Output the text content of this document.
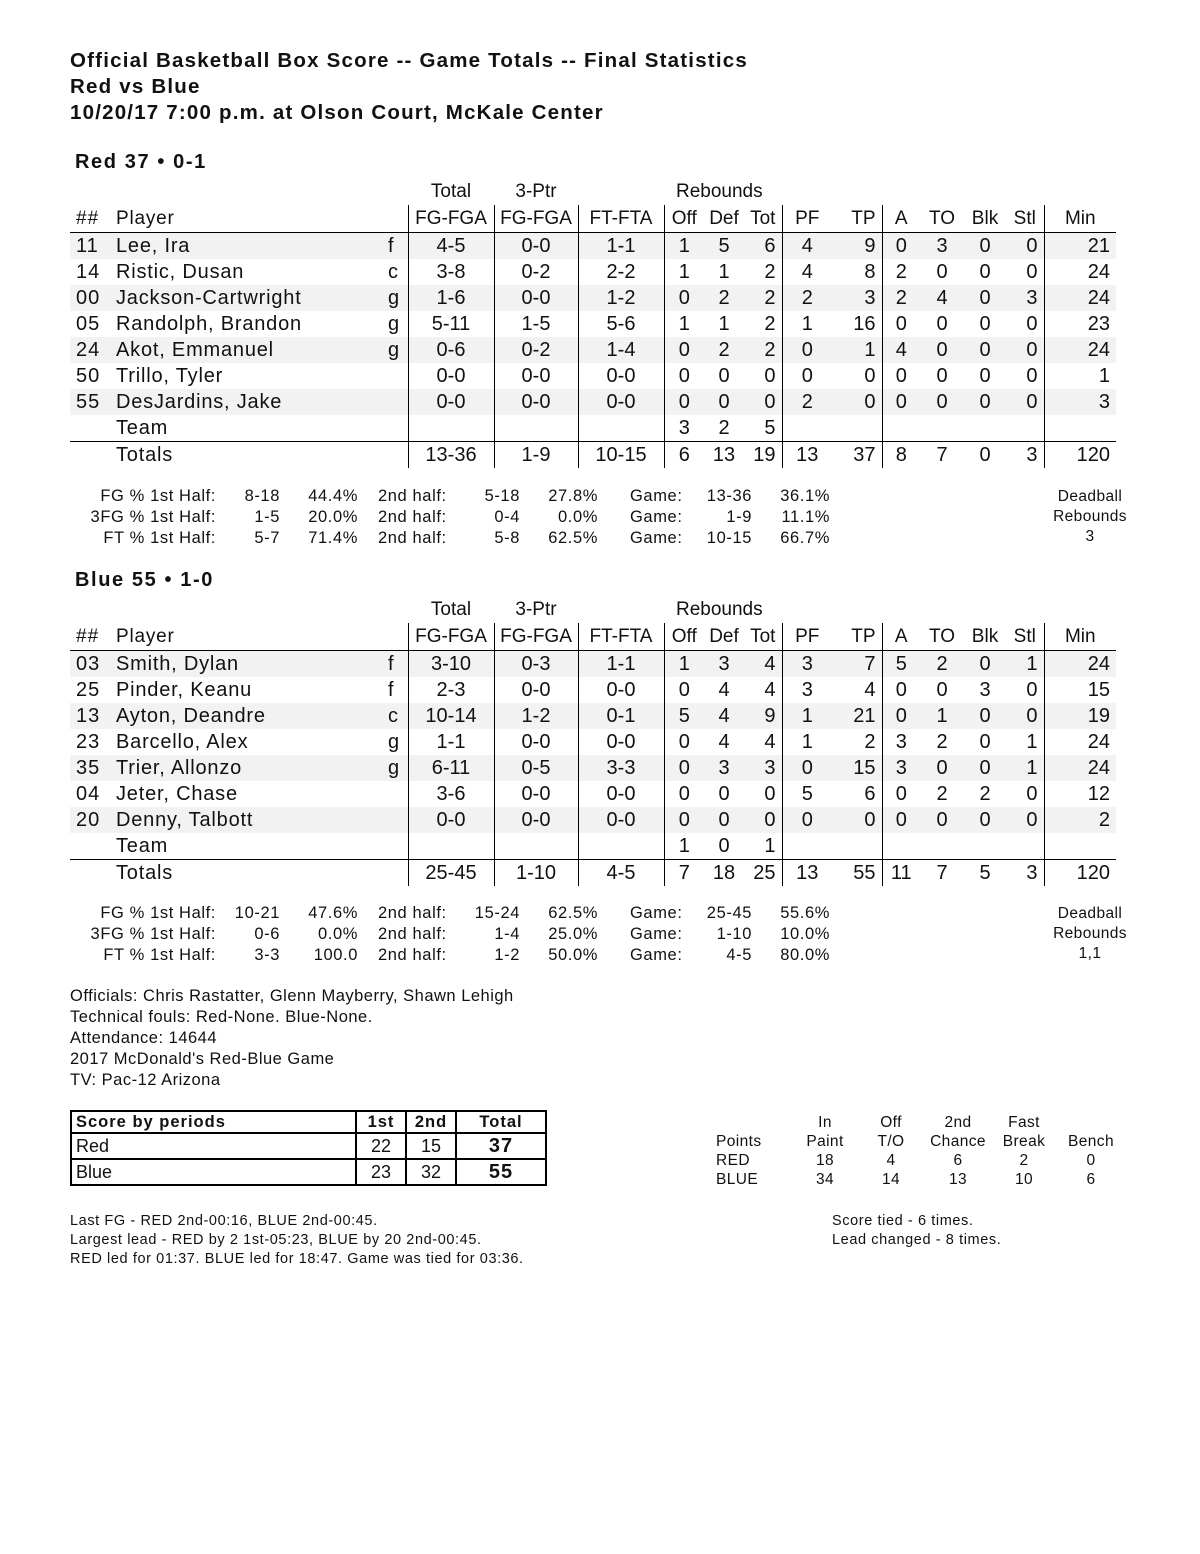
Official Basketball Box Score -- Game Totals -- Final Statistics
Red vs Blue
10/20/17 7:00 p.m. at Olson Court, McKale Center
Red 37 • 0-1
			Total	3-Ptr		Rebounds									
##	Player		FG-FGA	FG-FGA	FT-FTA	Off	Def	Tot	PF	TP	A	TO	Blk	Stl	Min
11	Lee, Ira	f	4-5	0-0	1-1	1	5	6	4	9	0	3	0	0	21
14	Ristic, Dusan	c	3-8	0-2	2-2	1	1	2	4	8	2	0	0	0	24
00	Jackson-Cartwright	g	1-6	0-0	1-2	0	2	2	2	3	2	4	0	3	24
05	Randolph, Brandon	g	5-11	1-5	5-6	1	1	2	1	16	0	0	0	0	23
24	Akot, Emmanuel	g	0-6	0-2	1-4	0	2	2	0	1	4	0	0	0	24
50	Trillo, Tyler		0-0	0-0	0-0	0	0	0	0	0	0	0	0	0	1
55	DesJardins, Jake		0-0	0-0	0-0	0	0	0	2	0	0	0	0	0	3
	Team					3	2	5							
	Totals		13-36	1-9	10-15	6	13	19	13	37	8	7	0	3	120
FG % 1st Half:	8-18	44.4% 2nd half:	5-18	27.8% Game:	13-36	36.1%
3FG % 1st Half:	1-5	20.0% 2nd half:	0-4	0.0% Game:	1-9	11.1%
FT % 1st Half:	5-7	71.4% 2nd half:	5-8	62.5% Game:	10-15	66.7%
Deadball
Rebounds
3
Blue 55 • 1-0
			Total	3-Ptr		Rebounds									
##	Player		FG-FGA	FG-FGA	FT-FTA	Off	Def	Tot	PF	TP	A	TO	Blk	Stl	Min
03	Smith, Dylan	f	3-10	0-3	1-1	1	3	4	3	7	5	2	0	1	24
25	Pinder, Keanu	f	2-3	0-0	0-0	0	4	4	3	4	0	0	3	0	15
13	Ayton, Deandre	c	10-14	1-2	0-1	5	4	9	1	21	0	1	0	0	19
23	Barcello, Alex	g	1-1	0-0	0-0	0	4	4	1	2	3	2	0	1	24
35	Trier, Allonzo	g	6-11	0-5	3-3	0	3	3	0	15	3	0	0	1	24
04	Jeter, Chase		3-6	0-0	0-0	0	0	0	5	6	0	2	2	0	12
20	Denny, Talbott		0-0	0-0	0-0	0	0	0	0	0	0	0	0	0	2
	Team					1	0	1							
	Totals		25-45	1-10	4-5	7	18	25	13	55	11	7	5	3	120
FG % 1st Half:	10-21	47.6% 2nd half:	15-24	62.5% Game:	25-45	55.6%
3FG % 1st Half:	0-6	0.0% 2nd half:	1-4	25.0% Game:	1-10	10.0%
FT % 1st Half:	3-3	100.0 2nd half:	1-2	50.0% Game:	4-5	80.0%
Deadball
Rebounds
1,1
Officials: Chris Rastatter, Glenn Mayberry, Shawn Lehigh
Technical fouls: Red-None. Blue-None.
Attendance: 14644
2017 McDonald's Red-Blue Game
TV: Pac-12 Arizona
Score by periods	1st	2nd	Total
Red	22	15	37
Blue	23	32	55
	In	Off	2nd	Fast	
Points	Paint	T/O	Chance	Break	Bench
RED	18	4	6	2	0
BLUE	34	14	13	10	6
Last FG - RED 2nd-00:16, BLUE 2nd-00:45.
Largest lead - RED by 2 1st-05:23, BLUE by 20 2nd-00:45.
RED led for 01:37. BLUE led for 18:47. Game was tied for 03:36.
Score tied - 6 times.
Lead changed - 8 times.
